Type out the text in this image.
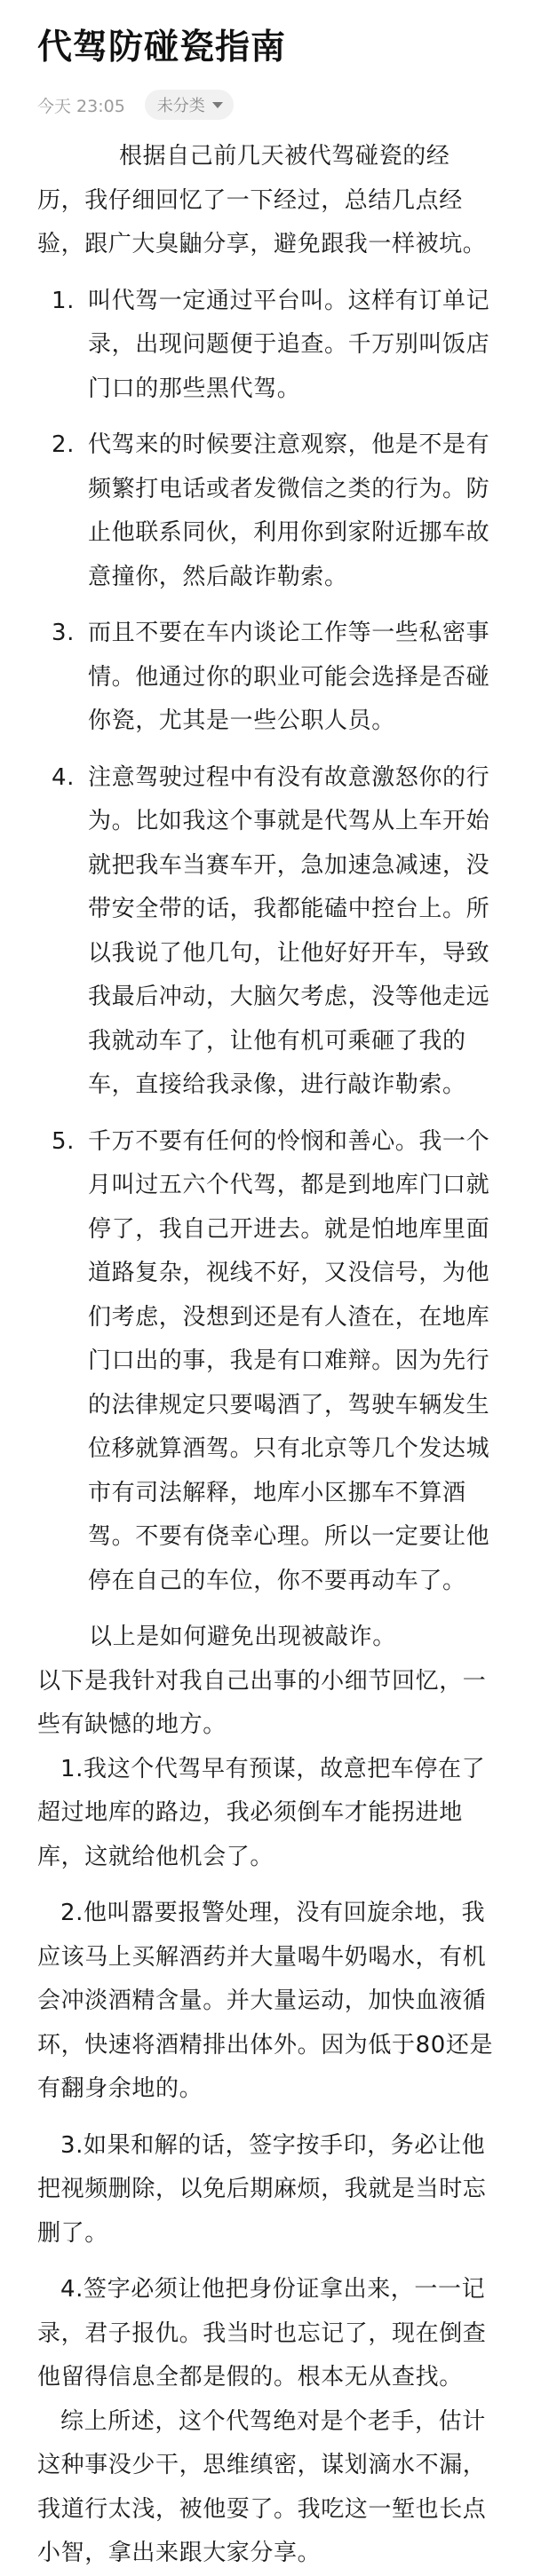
代驾防碰瓷指南
今天 23:05 未分类

根据自己前几天被代驾碰瓷的经历，我仔细回忆了一下经过，总结几点经验，跟广大臭鼬分享，避免跟我一样被坑。

1. 叫代驾一定通过平台叫。这样有订单记录，出现问题便于追查。千万别叫饭店门口的那些黑代驾。
2. 代驾来的时候要注意观察，他是不是有频繁打电话或者发微信之类的行为。防止他联系同伙，利用你到家附近挪车故意撞你，然后敲诈勒索。
3. 而且不要在车内谈论工作等一些私密事情。他通过你的职业可能会选择是否碰你瓷，尤其是一些公职人员。
4. 注意驾驶过程中有没有故意激怒你的行为。比如我这个事就是代驾从上车开始就把我车当赛车开，急加速急减速，没带安全带的话，我都能磕中控台上。所以我说了他几句，让他好好开车，导致我最后冲动，大脑欠考虑，没等他走远我就动车了，让他有机可乘砸了我的车，直接给我录像，进行敲诈勒索。
5. 千万不要有任何的怜悯和善心。我一个月叫过五六个代驾，都是到地库门口就停了，我自己开进去。就是怕地库里面道路复杂，视线不好，又没信号，为他们考虑，没想到还是有人渣在，在地库门口出的事，我是有口难辩。因为先行的法律规定只要喝酒了，驾驶车辆发生位移就算酒驾。只有北京等几个发达城市有司法解释，地库小区挪车不算酒驾。不要有侥幸心理。所以一定要让他停在自己的车位，你不要再动车了。

以上是如何避免出现被敲诈。

以下是我针对我自己出事的小细节回忆，一些有缺憾的地方。

1.我这个代驾早有预谋，故意把车停在了超过地库的路边，我必须倒车才能拐进地库，这就给他机会了。

2.他叫嚣要报警处理，没有回旋余地，我应该马上买解酒药并大量喝牛奶喝水，有机会冲淡酒精含量。并大量运动，加快血液循环，快速将酒精排出体外。因为低于80还是有翻身余地的。

3.如果和解的话，签字按手印，务必让他把视频删除，以免后期麻烦，我就是当时忘删了。

4.签字必须让他把身份证拿出来，一一记录，君子报仇。我当时也忘记了，现在倒查他留得信息全都是假的。根本无从查找。

综上所述，这个代驾绝对是个老手，估计这种事没少干，思维缜密，谋划滴水不漏，我道行太浅，被他耍了。我吃这一堑也长点小智，拿出来跟大家分享。
